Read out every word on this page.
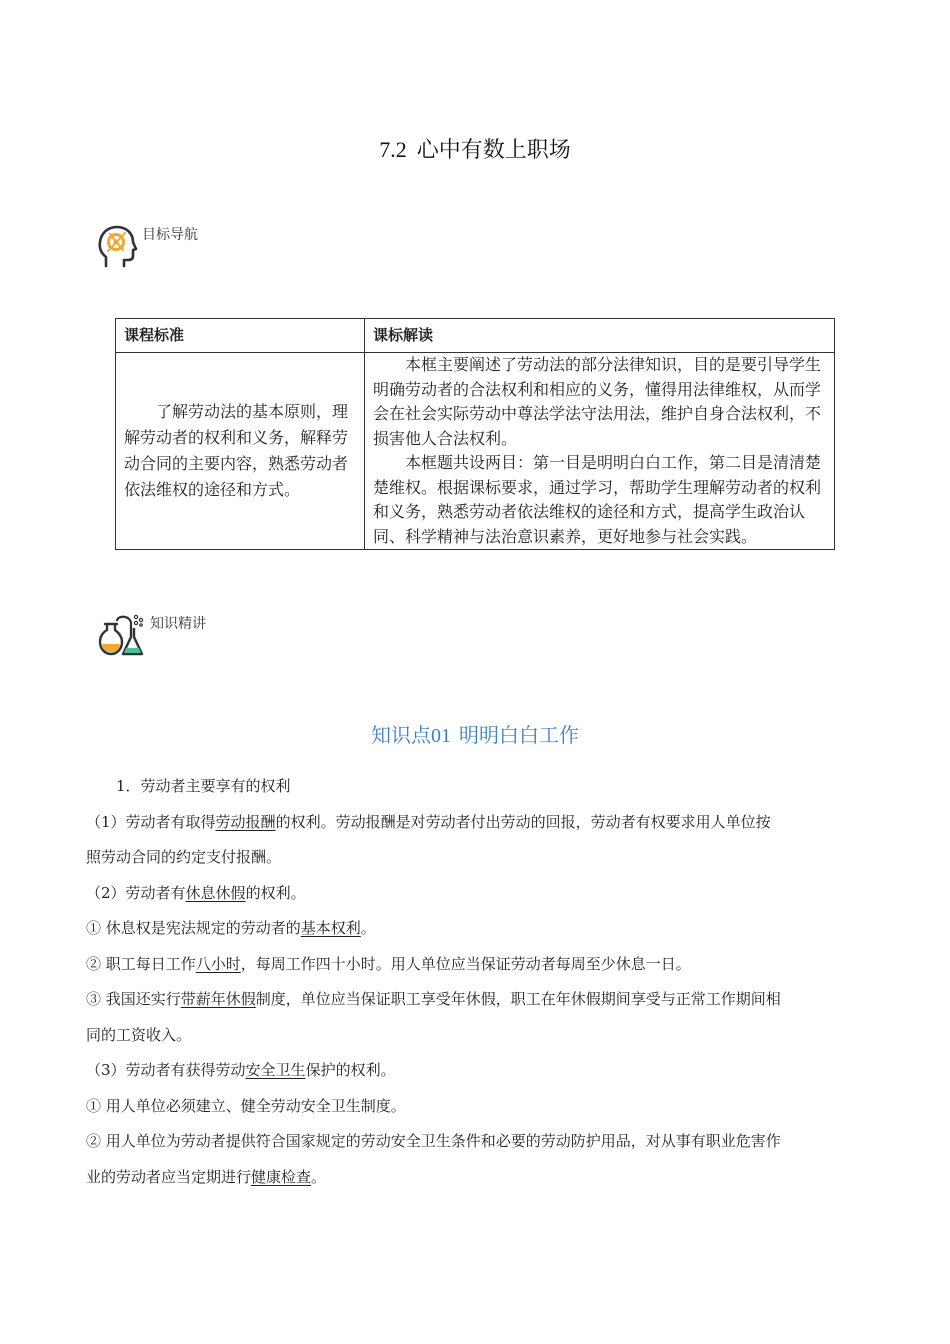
7.2 心中有数上职场
目标导航
课程标准	课标解读

了解劳动法的基本原则，理解劳动者的权利和义务，解释劳动合同的主要内容，熟悉劳动者依法维权的途径和方式。	本框主要阐述了劳动法的部分法律知识，目的是要引导学生明确劳动者的合法权利和相应的义务，懂得用法律维权，从而学会在社会实际劳动中尊法学法守法用法，维护自身合法权利，不损害他人合法权利。

本框题共设两目：第一目是明明白白工作，第二目是清清楚楚维权。根据课标要求，通过学习，帮助学生理解劳动者的权利和义务，熟悉劳动者依法维权的途径和方式，提高学生政治认同、科学精神与法治意识素养，更好地参与社会实践。

知识精讲
知识点01 明明白白工作
1．劳动者主要享有的权利
（1）劳动者有取得劳动报酬的权利。劳动报酬是对劳动者付出劳动的回报，劳动者有权要求用人单位按
照劳动合同的约定支付报酬。
（2）劳动者有休息休假的权利。
① 休息权是宪法规定的劳动者的基本权利。
② 职工每日工作八小时，每周工作四十小时。用人单位应当保证劳动者每周至少休息一日。
③ 我国还实行带薪年休假制度，单位应当保证职工享受年休假，职工在年休假期间享受与正常工作期间相
同的工资收入。
（3）劳动者有获得劳动安全卫生保护的权利。
① 用人单位必须建立、健全劳动安全卫生制度。
② 用人单位为劳动者提供符合国家规定的劳动安全卫生条件和必要的劳动防护用品，对从事有职业危害作
业的劳动者应当定期进行健康检查。
